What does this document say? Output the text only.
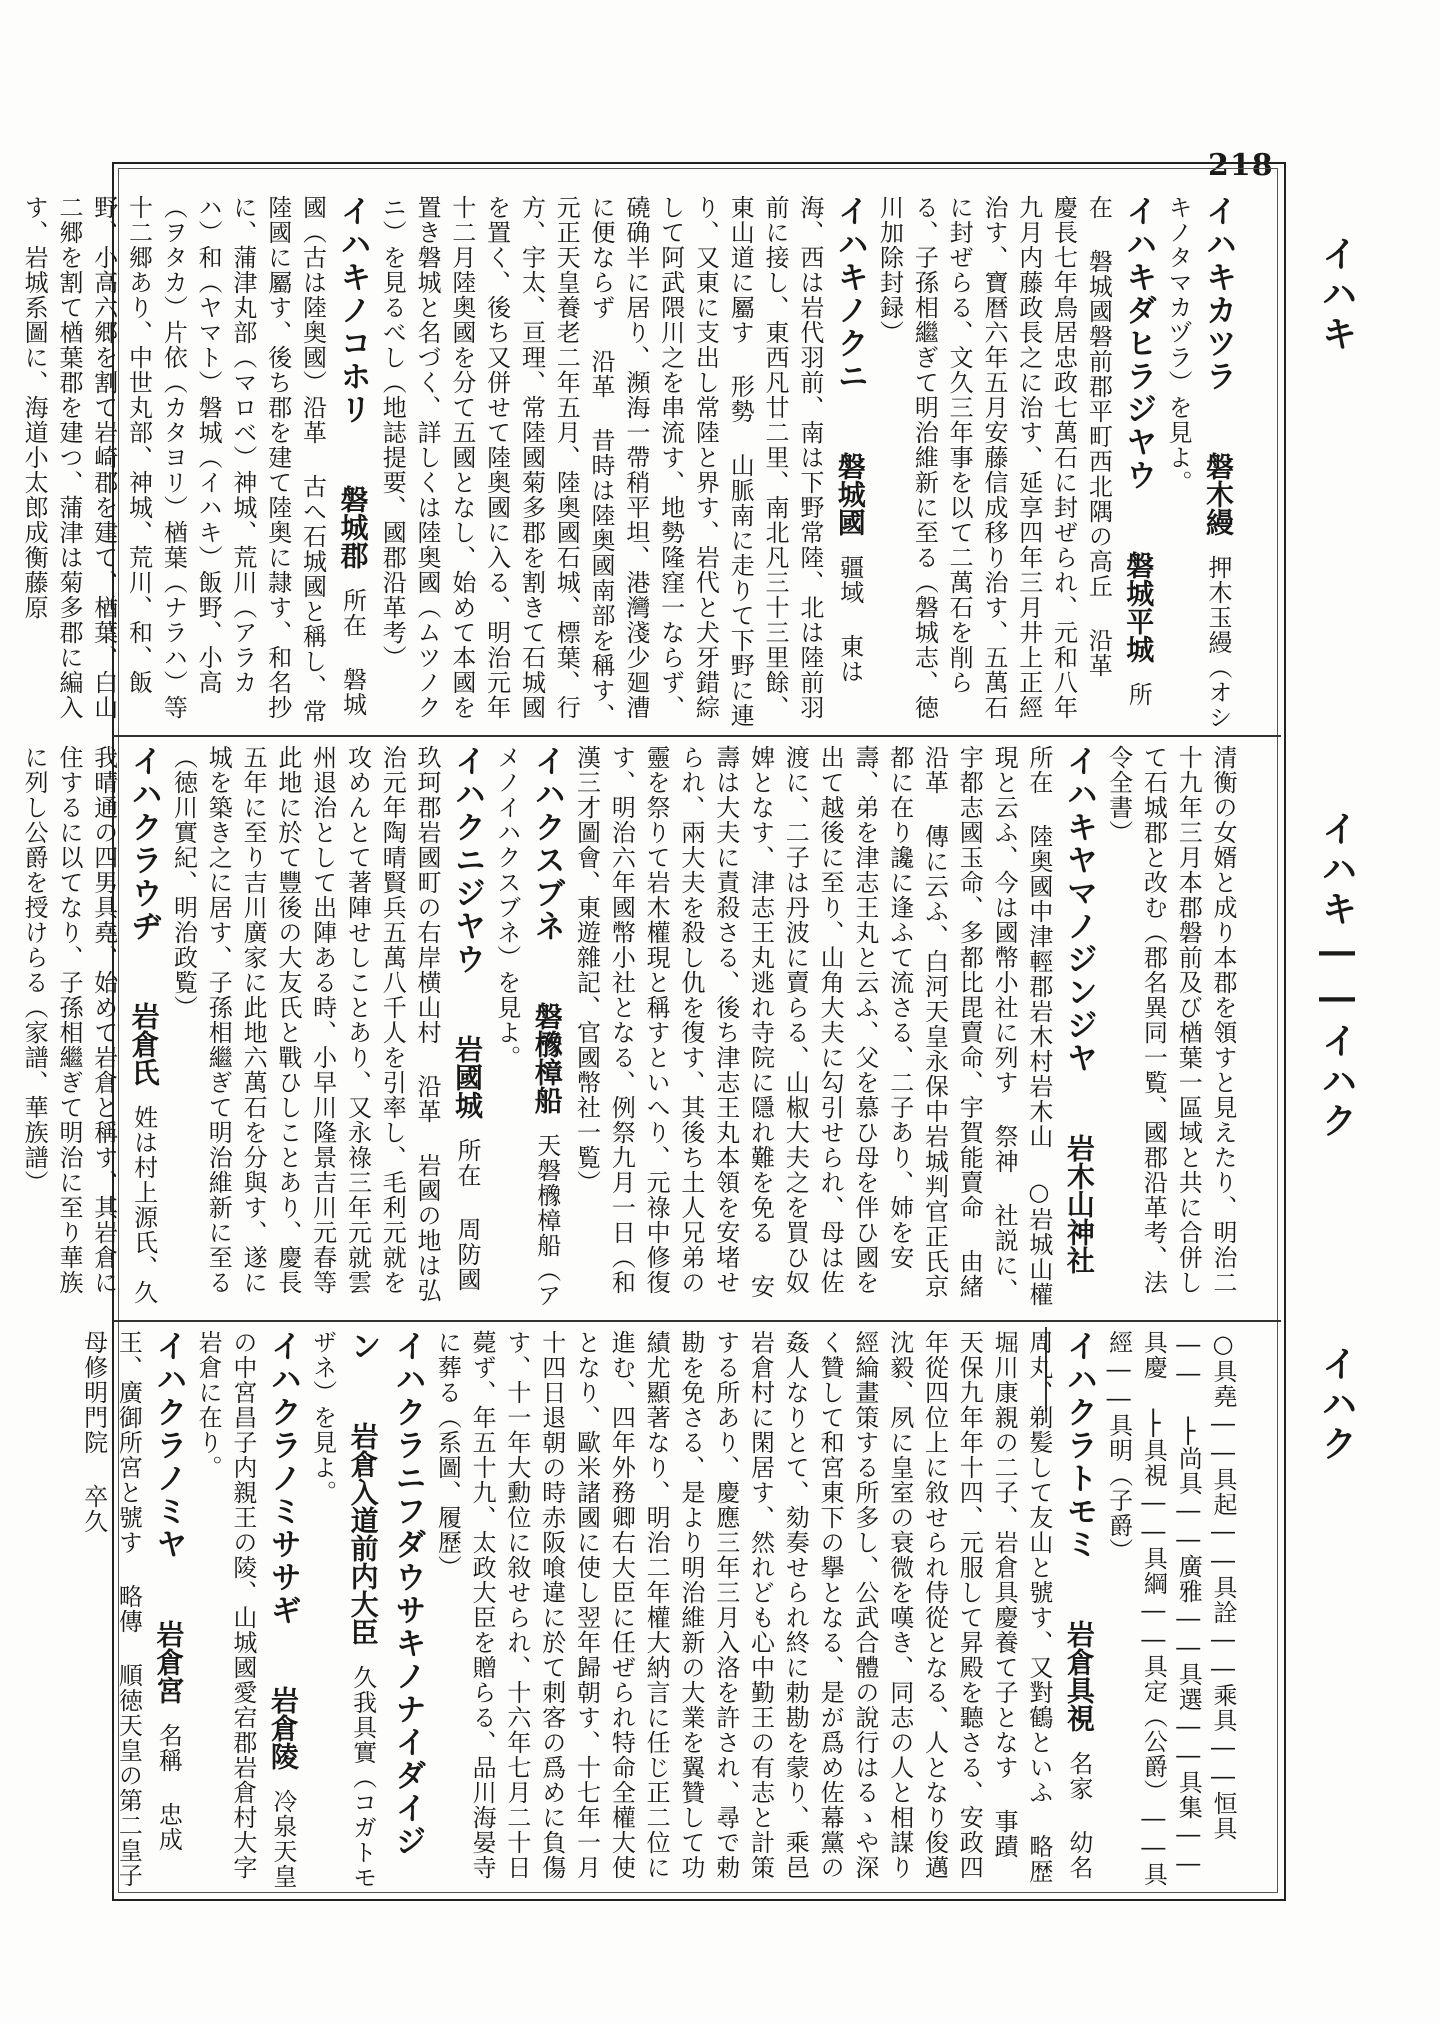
218
イハキ
イハキ――イハク
イハク
イハキカツラ 磐木縵 押木玉縵（オシキノタマカヅラ）を見よ。
イハキダヒラジヤウ 磐城平城 所在 磐城國磐前郡平町西北隅の高丘 沿革 慶長七年鳥居忠政七萬石に封ぜられ、元和八年九月内藤政長之に治す、延享四年三月井上正經治す、寶暦六年五月安藤信成移り治す、五萬石に封ぜらる、文久三年事を以て二萬石を削らる、子孫相繼ぎて明治維新に至る（磐城志、徳川加除封録）
イハキノクニ 磐城國 疆域 東は海、西は岩代羽前、南は下野常陸、北は陸前羽前に接し、東西凡廿二里、南北凡三十三里餘、東山道に屬す 形勢 山脈南に走りて下野に連り、又東に支出し常陸と界す、岩代と犬牙錯綜して阿武隈川之を串流す、地勢隆窪一ならず、磽确半に居り、瀕海一帶稍平坦、港灣淺少廻漕に便ならず 沿革 昔時は陸奥國南部を稱す、元正天皇養老二年五月、陸奥國石城、標葉、行方、宇太、亘理、常陸國菊多郡を割きて石城國を置く、後ち又併せて陸奥國に入る、明治元年十二月陸奥國を分て五國となし、始めて本國を置き磐城と名づく、詳しくは陸奥國（ムツノクニ）を見るべし（地誌提要、國郡沿革考）
イハキノコホリ 磐城郡 所在 磐城國（古は陸奥國）沿革 古へ石城國と稱し、常陸國に屬す、後ち郡を建て陸奥に隷す、和名抄に、蒲津丸部（マロベ）神城、荒川（アラカハ）和（ヤマト）磐城（イハキ）飯野、小高（ヲタカ）片依（カタヨリ）楢葉（ナラハ）等十二郷あり、中世丸部、神城、荒川、和、飯野、小高六郷を割て岩崎郡を建て、楢葉、白山二郷を割て楢葉郡を建つ、蒲津は菊多郡に編入す、岩城系圖に、海道小太郎成衡藤原
清衡の女婿と成り本郡を領すと見えたり、明治二十九年三月本郡磐前及び楢葉一區域と共に合併して石城郡と改む（郡名異同一覧、國郡沿革考、法令全書）
イハキヤマノジンジヤ 岩木山神社 所在 陸奥國中津輕郡岩木村岩木山 ○岩城山權現と云ふ、今は國幣小社に列す 祭神 社説に、宇都志國玉命、多都比毘賣命、宇賀能賣命 由緒沿革 傳に云ふ、白河天皇永保中岩城判官正氏京都に在り讒に逢ふて流さる、二子あり、姉を安壽、弟を津志王丸と云ふ、父を慕ひ母を伴ひ國を出て越後に至り、山角大夫に勾引せられ、母は佐渡に、二子は丹波に賣らる、山椒大夫之を買ひ奴婢となす、津志王丸逃れ寺院に隱れ難を免る 安壽は大夫に責殺さる、後ち津志王丸本領を安堵せられ、兩大夫を殺し仇を復す、其後ち土人兄弟の靈を祭りて岩木權現と稱すといへり、元祿中修復す、明治六年國幣小社となる、例祭九月一日（和漢三才圖會、東遊雜記、官國幣社一覧）
イハクスブネ 磐櫲樟船 天磐櫲樟船（アメノイハクスブネ）を見よ。
イハクニジヤウ 岩國城 所在 周防國玖珂郡岩國町の右岸横山村 沿革 岩國の地は弘治元年陶晴賢兵五萬八千人を引率し、毛利元就を攻めんとて著陣せしことあり、又永祿三年元就雲州退治として出陣ある時、小早川隆景吉川元春等此地に於て豐後の大友氏と戰ひしことあり、慶長五年に至り吉川廣家に此地六萬石を分與す、遂に城を築き之に居す、子孫相繼ぎて明治維新に至る（徳川實紀、明治政覧）
イハクラウヂ 岩倉氏 姓は村上源氏、久我晴通の四男具堯、始めて岩倉と稱す、其岩倉に住するに以てなり、子孫相繼ぎて明治に至り華族に列し公爵を授けらる（家譜、華族譜）
○具堯――具起――具詮――乘具――恒具―― ├尚具――廣雅――具選――具集――具慶 ├具視――具綱――具定（公爵）――具經――具明（子爵）
イハクラトモミ 岩倉具視 名家 幼名周丸、剃髪して友山と號す、又對鶴といふ 略歴 堀川康親の二子、岩倉具慶養て子となす 事蹟 天保九年年十四、元服して昇殿を聽さる、安政四年從四位上に敘せられ侍從となる、人となり俊邁沈毅、夙に皇室の衰微を嘆き、同志の人と相謀り經綸畫策する所多し、公武合體の說行はるゝや深く贊して和宮東下の擧となる、是が爲め佐幕黨の姦人なりとて、劾奏せられ終に勅勘を蒙り、乘邑岩倉村に閑居す、然れども心中勤王の有志と計策する所あり、慶應三年三月入洛を許され、尋で勅勘を免さる、是より明治維新の大業を翼贊して功績尤顯著なり、明治二年權大納言に任じ正二位に進む、四年外務卿右大臣に任ぜられ特命全權大使となり、歐米諸國に使し翌年歸朝す、十七年一月十四日退朝の時赤阪喰違に於て刺客の爲めに負傷す、十一年大勳位に敘せられ、十六年七月二十日薨ず、年五十九、太政大臣を贈らる、品川海晏寺に葬る（系圖、履歷）
イハクラニフダウサキノナイダイジン 岩倉入道前内大臣 久我具實（コガトモザネ）を見よ。
イハクラノミササギ 岩倉陵 冷泉天皇の中宮昌子内親王の陵、山城國愛宕郡岩倉村大字岩倉に在り。
イハクラノミヤ 岩倉宮 名稱 忠成王、廣御所宮と號す 略傳 順徳天皇の第二皇子 母修明門院 卒久
